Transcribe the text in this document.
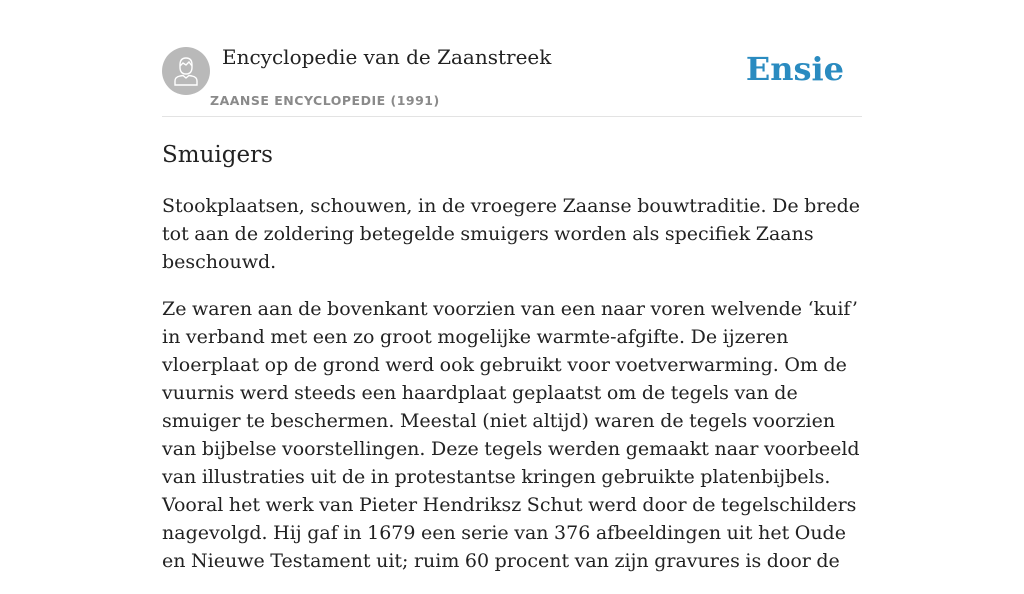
Encyclopedie van de Zaanstreek
ZAANSE ENCYCLOPEDIE (1991)
Ensie
Smuigers

Stookplaatsen, schouwen, in de vroegere Zaanse bouwtraditie. De brede tot aan de zoldering betegelde smuigers worden als specifiek Zaans beschouwd.

Ze waren aan de bovenkant voorzien van een naar voren welvende ‘kuif’ in verband met een zo groot mogelijke warmte-afgifte. De ijzeren vloerplaat op de grond werd ook gebruikt voor voetverwarming. Om de vuurnis werd steeds een haardplaat geplaatst om de tegels van de smuiger te beschermen. Meestal (niet altijd) waren de tegels voorzien van bijbelse voorstellingen. Deze tegels werden gemaakt naar voorbeeld van illustraties uit de in protestantse kringen gebruikte platenbijbels. Vooral het werk van Pieter Hendriksz Schut werd door de tegelschilders nagevolgd. Hij gaf in 1679 een serie van 376 afbeeldingen uit het Oude en Nieuwe Testament uit; ruim 60 procent van zijn gravures is door de
